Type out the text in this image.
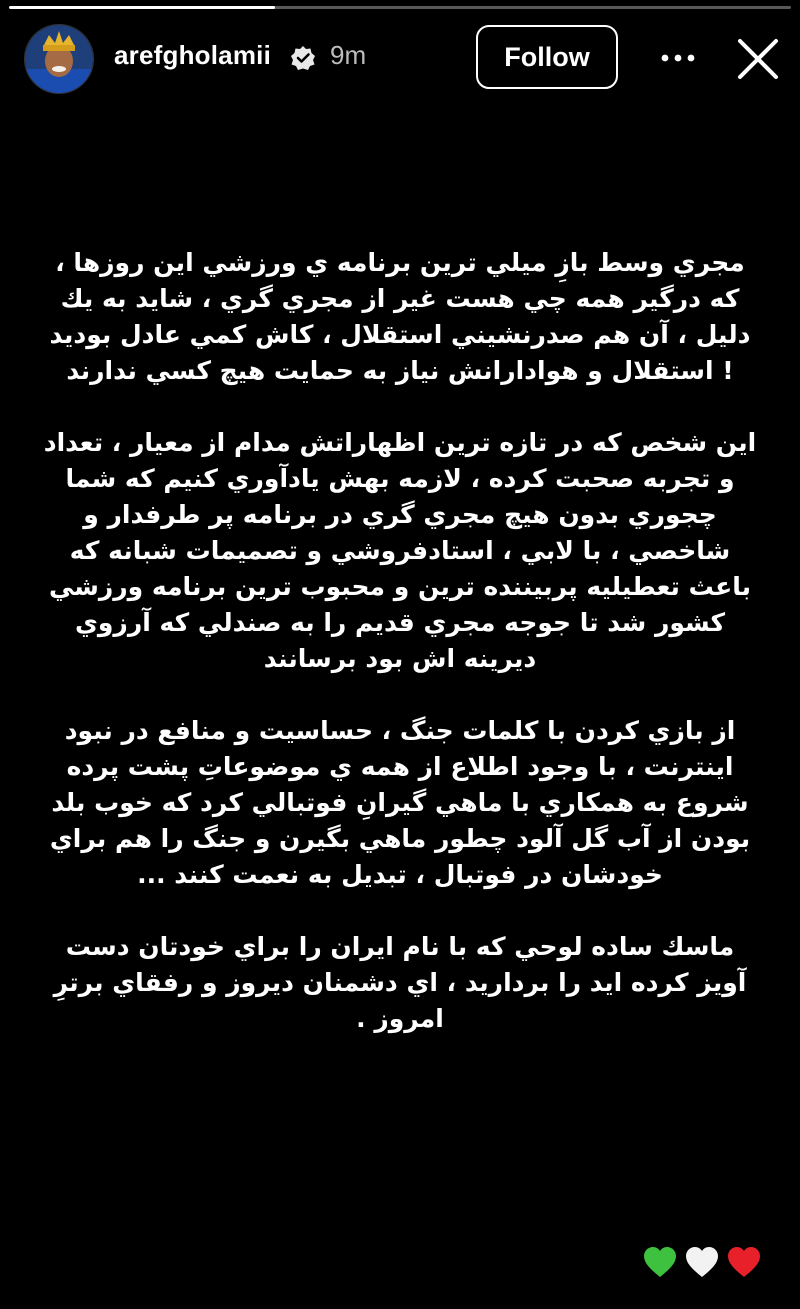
arefgholamii 9m	Follow

مجري وسط بازِ ميلي ترين برنامه ي ورزشي اين روزها ، كه درگير همه چي هست غير از مجري گري ، شايد به يك دليل ، آن هم صدرنشيني استقلال ، كاش كمي عادل بوديد ! استقلال و هوادارانش نياز به حمايت هيچ كسي ندارند

اين شخص كه در تازه ترين اظهاراتش مدام از معيار ، تعداد و تجربه صحبت كرده ، لازمه بهش يادآوري كنيم كه شما چجوري بدون هيچ مجري گري در برنامه پر طرفدار و شاخصي ، با لابي ، استادفروشي و تصميمات شبانه كه باعث تعطيليه پربيننده ترين و محبوب ترين برنامه ورزشي كشور شد تا جوجه مجري قديم را به صندلي كه آرزوي ديرينه اش بود برسانند

از بازي كردن با كلمات جنگ ، حساسيت و منافع در نبود اينترنت ، با وجود اطلاع از همه ي موضوعاتِ پشت پرده شروع به همكاري با ماهي گيرانِ فوتبالي كرد كه خوب بلد بودن از آب گل آلود چطور ماهي بگيرن و جنگ را هم براي خودشان در فوتبال ، تبديل به نعمت كنند ...

ماسك ساده لوحي كه با نام ايران را براي خودتان دست آويز كرده ايد را برداريد ، اي دشمنان ديروز و رفقاي برترِ امروز .
